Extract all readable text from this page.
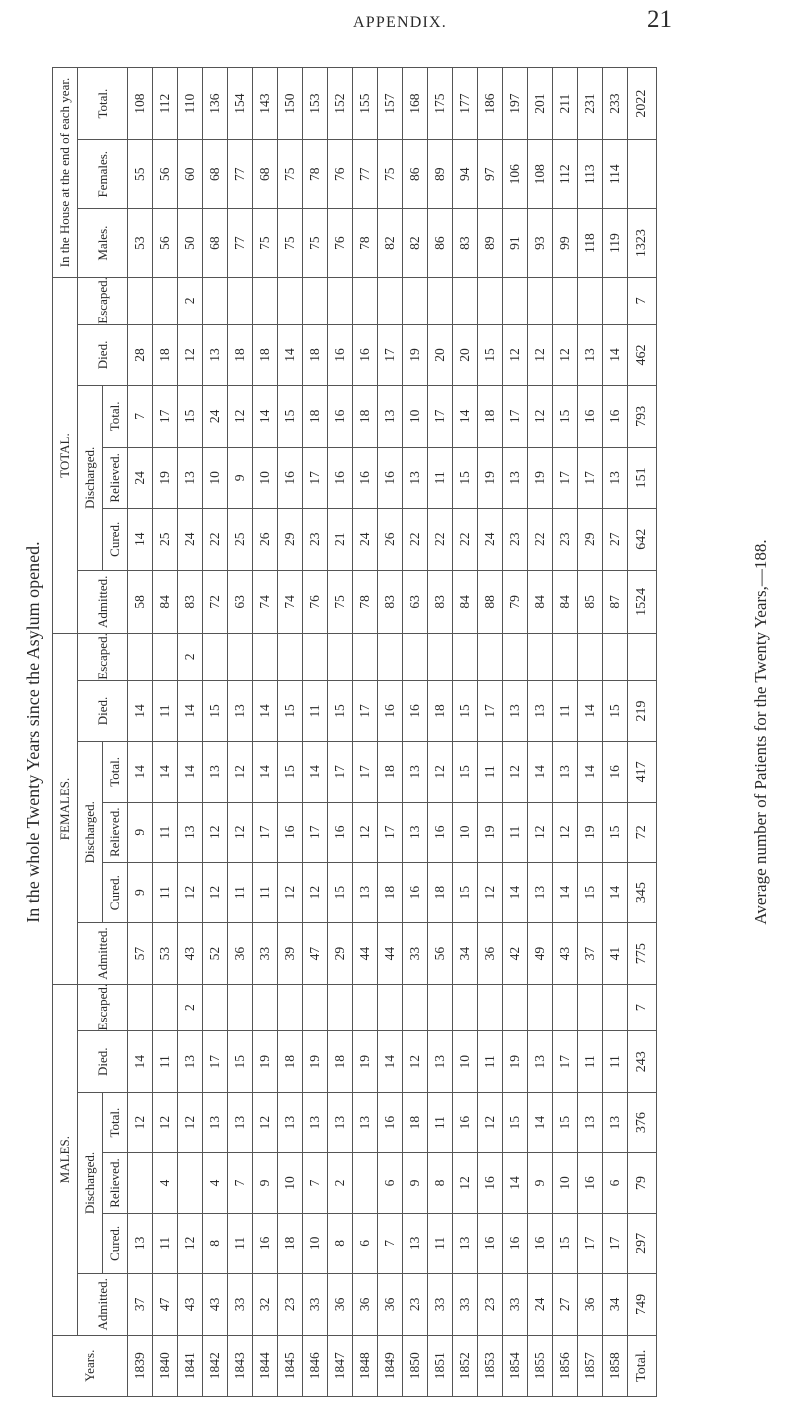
APPENDIX.	21
In the whole Twenty Years since the Asylum opened.
Years.	MALES.						FEMALES.						TOTAL.						In the House at the end of each year.		
	Admitted.	Discharged.			Died.	Escaped.	Admitted.	Discharged.			Died.	Escaped.	Admitted.	Discharged.			Died.	Escaped.	Males.	Females.	Total.
		Cured.	Relieved.	Total.				Cured.	Relieved.	Total.				Cured.	Relieved.	Total.					
1839	37	13		12	14		57	9	9	14	14		58	14	24	7	28		53	55	108
1840	47	11	4	12	11		53	11	11	14	11		84	25	19	17	18		56	56	112
1841	43	12		12	13	2	43	12	13	14	14	2	83	24	13	15	12	2	50	60	110
1842	43	8	4	13	17		52	12	12	13	15		72	22	10	24	13		68	68	136
1843	33	11	7	13	15		36	11	12	12	13		63	25	9	12	18		77	77	154
1844	32	16	9	12	19		33	11	17	14	14		74	26	10	14	18		75	68	143
1845	23	18	10	13	18		39	12	16	15	15		74	29	16	15	14		75	75	150
1846	33	10	7	13	19		47	12	17	14	11		76	23	17	18	18		75	78	153
1847	36	8	2	13	18		29	15	16	17	15		75	21	16	16	16		76	76	152
1848	36	6		13	19		44	13	12	17	17		78	24	16	18	16		78	77	155
1849	36	7	6	16	14		44	18	17	18	16		83	26	16	13	17		82	75	157
1850	23	13	9	18	12		33	16	13	13	16		63	22	13	10	19		82	86	168
1851	33	11	8	11	13		56	18	16	12	18		83	22	11	17	20		86	89	175
1852	33	13	12	16	10		34	15	10	15	15		84	22	15	14	20		83	94	177
1853	23	16	16	12	11		36	12	19	11	17		88	24	19	18	15		89	97	186
1854	33	16	14	15	19		42	14	11	12	13		79	23	13	17	12		91	106	197
1855	24	16	9	14	13		49	13	12	14	13		84	22	19	12	12		93	108	201
1856	27	15	10	15	17		43	14	12	13	11		84	23	17	15	12		99	112	211
1857	36	17	16	13	11		37	15	19	14	14		85	29	17	16	13		118	113	231
1858	34	17	6	13	11		41	14	15	16	15		87	27	13	16	14		119	114	233
Total.	749	297	79	376	243	7	775	345	72	417	219		1524	642	151	793	462	7	1323		2022
Average number of Patients for the Twenty Years,—188.
